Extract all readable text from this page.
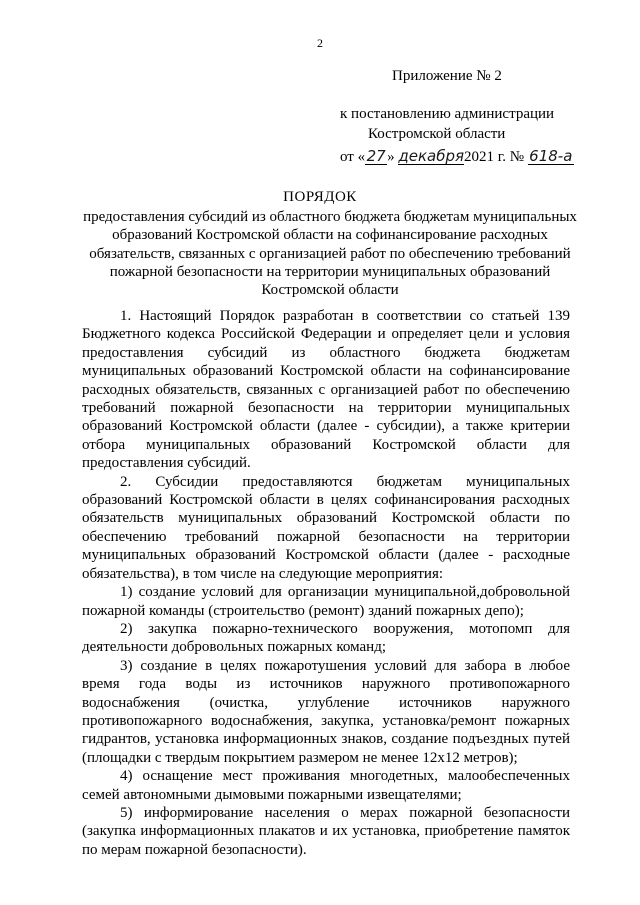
2
Приложение № 2
к постановлению администрации
Костромской области
от «27» декабря2021 г. № 618-а
ПОРЯДОК
предоставления субсидий из областного бюджета бюджетам муниципальных образований Костромской области на софинансирование расходных обязательств, связанных с организацией работ по обеспечению требований пожарной безопасности на территории муниципальных образований Костромской области

1. Настоящий Порядок разработан в соответствии со статьей 139 Бюджетного кодекса Российской Федерации и определяет цели и условия предоставления субсидий из областного бюджета бюджетам муниципальных образований Костромской области на софинансирование расходных обязательств, связанных с организацией работ по обеспечению требований пожарной безопасности на территории муниципальных образований Костромской области (далее - субсидии), а также критерии отбора муниципальных образований Костромской области для предоставления субсидий.

2. Субсидии предоставляются бюджетам муниципальных образований Костромской области в целях софинансирования расходных обязательств муниципальных образований Костромской области по обеспечению требований пожарной безопасности на территории муниципальных образований Костромской области (далее - расходные обязательства), в том числе на следующие мероприятия:

1) создание условий для организации муниципальной,добровольной пожарной команды (строительство (ремонт) зданий пожарных депо);

2) закупка пожарно-технического вооружения, мотопомп для деятельности добровольных пожарных команд;

3) создание в целях пожаротушения условий для забора в любое время года воды из источников наружного противопожарного водоснабжения (очистка, углубление источников наружного противопожарного водоснабжения, закупка, установка/ремонт пожарных гидрантов, установка информационных знаков, создание подъездных путей (площадки с твердым покрытием размером не менее 12x12 метров);

4) оснащение мест проживания многодетных, малообеспеченных семей автономными дымовыми пожарными извещателями;

5) информирование населения о мерах пожарной безопасности (закупка информационных плакатов и их установка, приобретение памяток по мерам пожарной безопасности).
